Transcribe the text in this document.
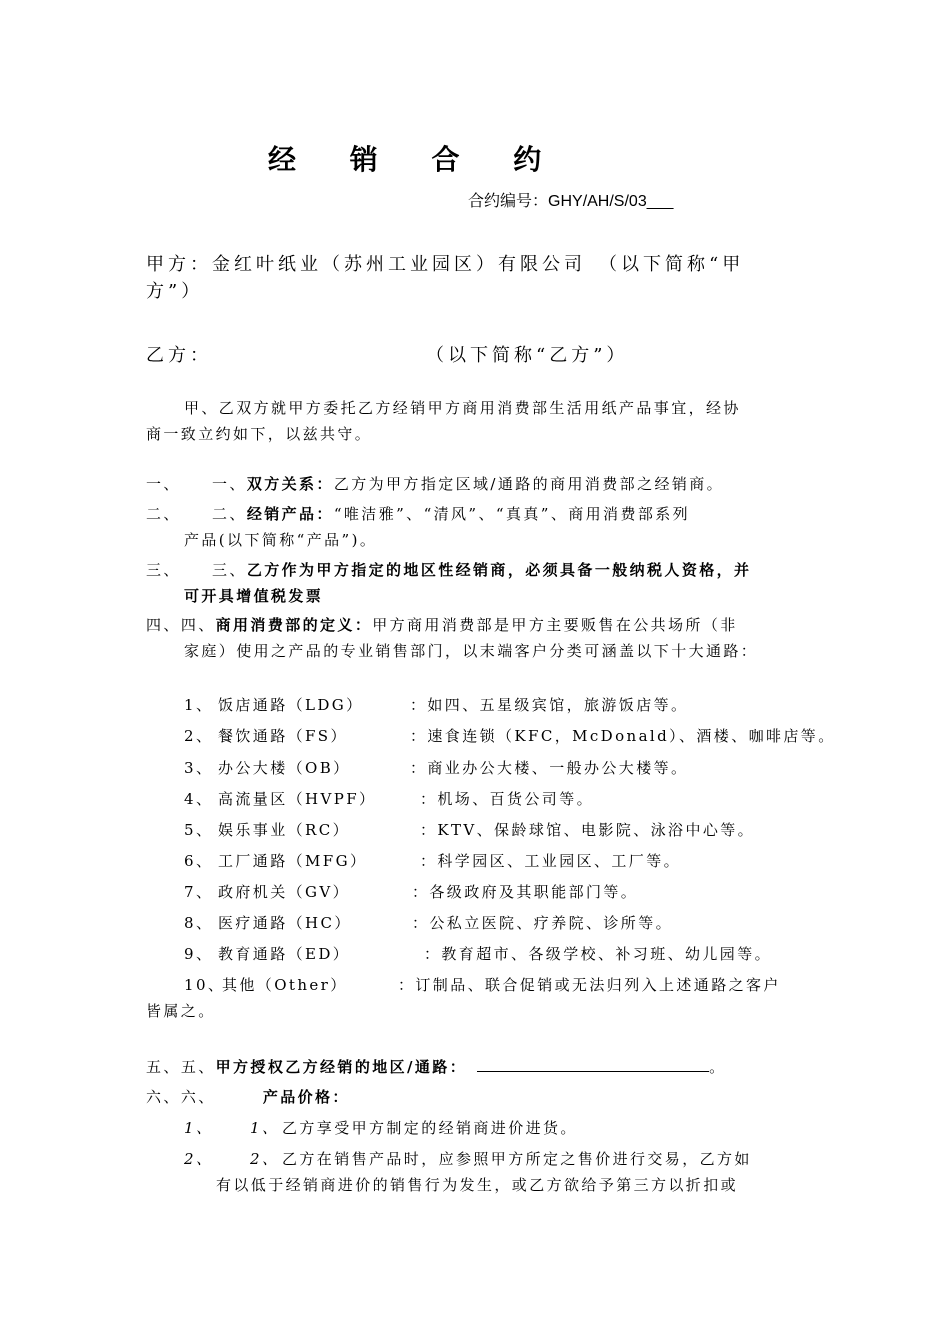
经 销 合 约
合约编号：GHY/AH/S/03___
甲方：金红叶纸业（苏州工业园区）有限公司　（以下简称“甲
方”）
乙方：	（以下简称“乙方”）
甲、乙双方就甲方委托乙方经销甲方商用消费部生活用纸产品事宜，经协
商一致立约如下，以兹共守。
一、 一、双方关系：乙方为甲方指定区域/通路的商用消费部之经销商。
二、 二、经销产品：“唯洁雅”、“清风”、“真真”、商用消费部系列
产品(以下简称“产品”)。
三、 三、乙方作为甲方指定的地区性经销商，必须具备一般纳税人资格，并
可开具增值税发票
四、四、商用消费部的定义：甲方商用消费部是甲方主要贩售在公共场所（非
家庭）使用之产品的专业销售部门，以末端客户分类可涵盖以下十大通路：
1、 饭店通路（LDG）	：如四、五星级宾馆，旅游饭店等。
2、 餐饮通路（FS）	：速食连锁（KFC，McDonald）、酒楼、咖啡店等。
3、 办公大楼（OB）	：商业办公大楼、一般办公大楼等。
4、 高流量区（HVPF）	：机场、百货公司等。
5、 娱乐事业（RC）	：KTV、保龄球馆、电影院、泳浴中心等。
6、 工厂通路（MFG）	：科学园区、工业园区、工厂等。
7、 政府机关（GV）	：各级政府及其职能部门等。
8、 医疗通路（HC）	：公私立医院、疗养院、诊所等。
9、 教育通路（ED）	：教育超市、各级学校、补习班、幼儿园等。
10、其他（Other）	：订制品、联合促销或无法归列入上述通路之客户
皆属之。
五、五、甲方授权乙方经销的地区/通路：	。
六、六、	产品价格：
1、 1、 乙方享受甲方制定的经销商进价进货。
2、 2、 乙方在销售产品时，应参照甲方所定之售价进行交易，乙方如
有以低于经销商进价的销售行为发生，或乙方欲给予第三方以折扣或
